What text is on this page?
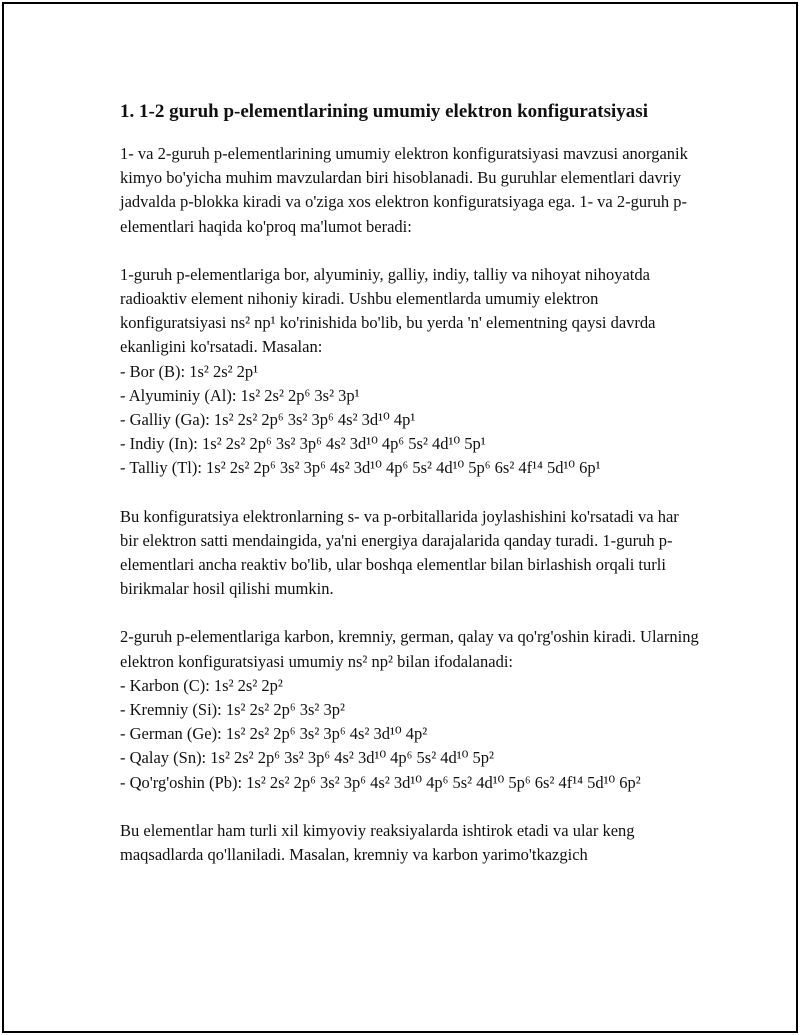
1. 1-2 guruh p-elementlarining umumiy elektron konfiguratsiyasi

1- va 2-guruh p-elementlarining umumiy elektron konfiguratsiyasi mavzusi anorganik kimyo bo'yicha muhim mavzulardan biri hisoblanadi. Bu guruhlar elementlari davriy jadvalda p-blokka kiradi va o'ziga xos elektron konfiguratsiyaga ega. 1- va 2-guruh p-elementlari haqida ko'proq ma'lumot beradi:

1-guruh p-elementlariga bor, alyuminiy, galliy, indiy, talliy va nihoyat nihoyatda radioaktiv element nihoniy kiradi. Ushbu elementlarda umumiy elektron konfiguratsiyasi ns² np¹ ko'rinishida bo'lib, bu yerda 'n' elementning qaysi davrda ekanligini ko'rsatadi. Masalan:

- Bor (B): 1s² 2s² 2p¹
- Alyuminiy (Al): 1s² 2s² 2p⁶ 3s² 3p¹
- Galliy (Ga): 1s² 2s² 2p⁶ 3s² 3p⁶ 4s² 3d¹⁰ 4p¹
- Indiy (In): 1s² 2s² 2p⁶ 3s² 3p⁶ 4s² 3d¹⁰ 4p⁶ 5s² 4d¹⁰ 5p¹
- Talliy (Tl): 1s² 2s² 2p⁶ 3s² 3p⁶ 4s² 3d¹⁰ 4p⁶ 5s² 4d¹⁰ 5p⁶ 6s² 4f¹⁴ 5d¹⁰ 6p¹

Bu konfiguratsiya elektronlarning s- va p-orbitallarida joylashishini ko'rsatadi va har bir elektron satti mendaingida, ya'ni energiya darajalarida qanday turadi. 1-guruh p-elementlari ancha reaktiv bo'lib, ular boshqa elementlar bilan birlashish orqali turli birikmalar hosil qilishi mumkin.

2-guruh p-elementlariga karbon, kremniy, german, qalay va qo'rg'oshin kiradi. Ularning elektron konfiguratsiyasi umumiy ns² np² bilan ifodalanadi:

- Karbon (C): 1s² 2s² 2p²
- Kremniy (Si): 1s² 2s² 2p⁶ 3s² 3p²
- German (Ge): 1s² 2s² 2p⁶ 3s² 3p⁶ 4s² 3d¹⁰ 4p²
- Qalay (Sn): 1s² 2s² 2p⁶ 3s² 3p⁶ 4s² 3d¹⁰ 4p⁶ 5s² 4d¹⁰ 5p²
- Qo'rg'oshin (Pb): 1s² 2s² 2p⁶ 3s² 3p⁶ 4s² 3d¹⁰ 4p⁶ 5s² 4d¹⁰ 5p⁶ 6s² 4f¹⁴ 5d¹⁰ 6p²

Bu elementlar ham turli xil kimyoviy reaksiyalarda ishtirok etadi va ular keng maqsadlarda qo'llaniladi. Masalan, kremniy va karbon yarimo'tkazgich
